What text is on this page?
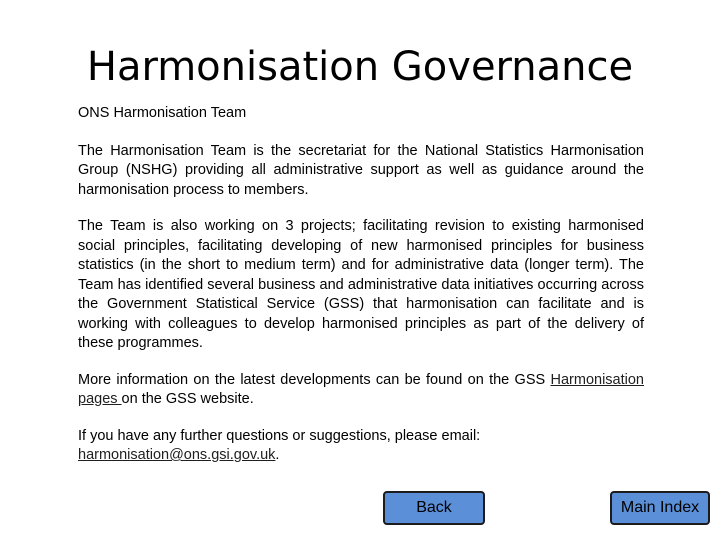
Harmonisation Governance

ONS Harmonisation Team

The Harmonisation Team is the secretariat for the National Statistics Harmonisation Group (NSHG) providing all administrative support as well as guidance around the harmonisation process to members.

The Team is also working on 3 projects; facilitating revision to existing harmonised social principles, facilitating developing of new harmonised principles for business statistics (in the short to medium term) and for administrative data (longer term). The Team has identified several business and administrative data initiatives occurring across the Government Statistical Service (GSS) that harmonisation can facilitate and is working with colleagues to develop harmonised principles as part of the delivery of these programmes.

More information on the latest developments can be found on the GSS Harmonisation pages on the GSS website.

If you have any further questions or suggestions, please email:
harmonisation@ons.gsi.gov.uk.

Back	Main Index
